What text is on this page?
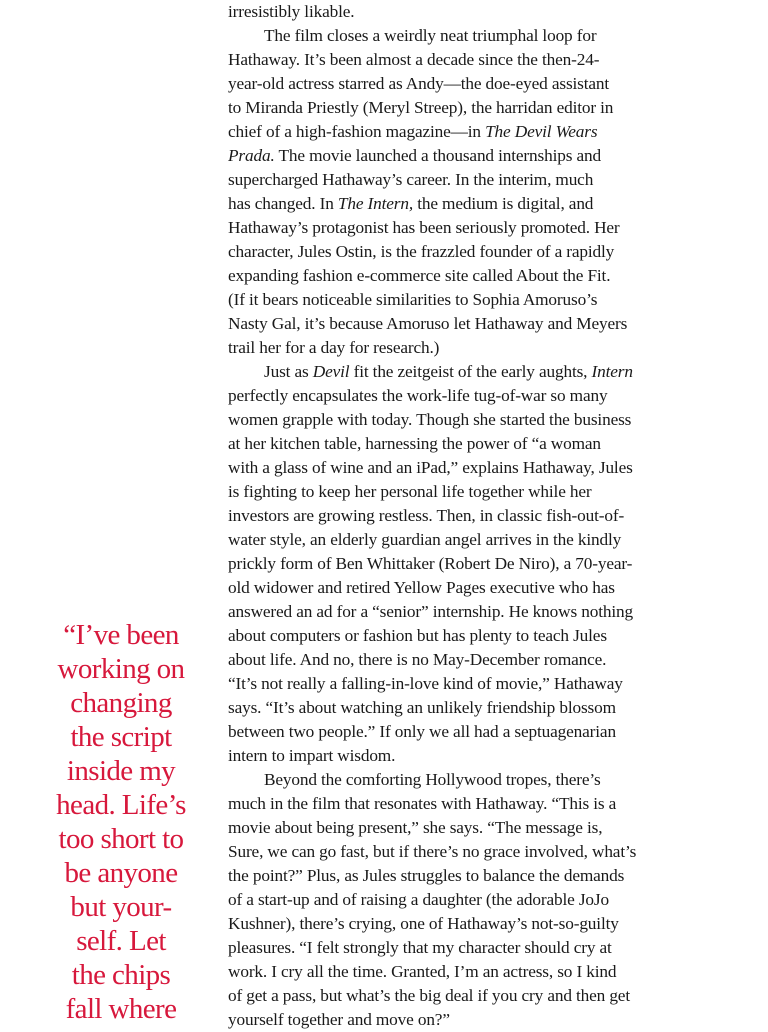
“I’ve been
working on
changing
the script
inside my
head. Life’s
too short to
be anyone
but your-
self. Let
the chips
fall where

irresistibly likable.
The film closes a weirdly neat triumphal loop for
Hathaway. It’s been almost a decade since the then-24-
year-old actress starred as Andy—the doe-eyed assistant
to Miranda Priestly (Meryl Streep), the harridan editor in
chief of a high-fashion magazine—in The Devil Wears
Prada. The movie launched a thousand internships and
supercharged Hathaway’s career. In the interim, much
has changed. In The Intern, the medium is digital, and
Hathaway’s protagonist has been seriously promoted. Her
character, Jules Ostin, is the frazzled founder of a rapidly
expanding fashion e-commerce site called About the Fit.
(If it bears noticeable similarities to Sophia Amoruso’s
Nasty Gal, it’s because Amoruso let Hathaway and Meyers
trail her for a day for research.)
Just as Devil fit the zeitgeist of the early aughts, Intern
perfectly encapsulates the work-life tug-of-war so many
women grapple with today. Though she started the business
at her kitchen table, harnessing the power of “a woman
with a glass of wine and an iPad,” explains Hathaway, Jules
is fighting to keep her personal life together while her
investors are growing restless. Then, in classic fish-out-of-
water style, an elderly guardian angel arrives in the kindly
prickly form of Ben Whittaker (Robert De Niro), a 70-year-
old widower and retired Yellow Pages executive who has
answered an ad for a “senior” internship. He knows nothing
about computers or fashion but has plenty to teach Jules
about life. And no, there is no May-December romance.
“It’s not really a falling-in-love kind of movie,” Hathaway
says. “It’s about watching an unlikely friendship blossom
between two people.” If only we all had a septuagenarian
intern to impart wisdom.
Beyond the comforting Hollywood tropes, there’s
much in the film that resonates with Hathaway. “This is a
movie about being present,” she says. “The message is,
Sure, we can go fast, but if there’s no grace involved, what’s
the point?” Plus, as Jules struggles to balance the demands
of a start-up and of raising a daughter (the adorable JoJo
Kushner), there’s crying, one of Hathaway’s not-so-guilty
pleasures. “I felt strongly that my character should cry at
work. I cry all the time. Granted, I’m an actress, so I kind
of get a pass, but what’s the big deal if you cry and then get
yourself together and move on?”
